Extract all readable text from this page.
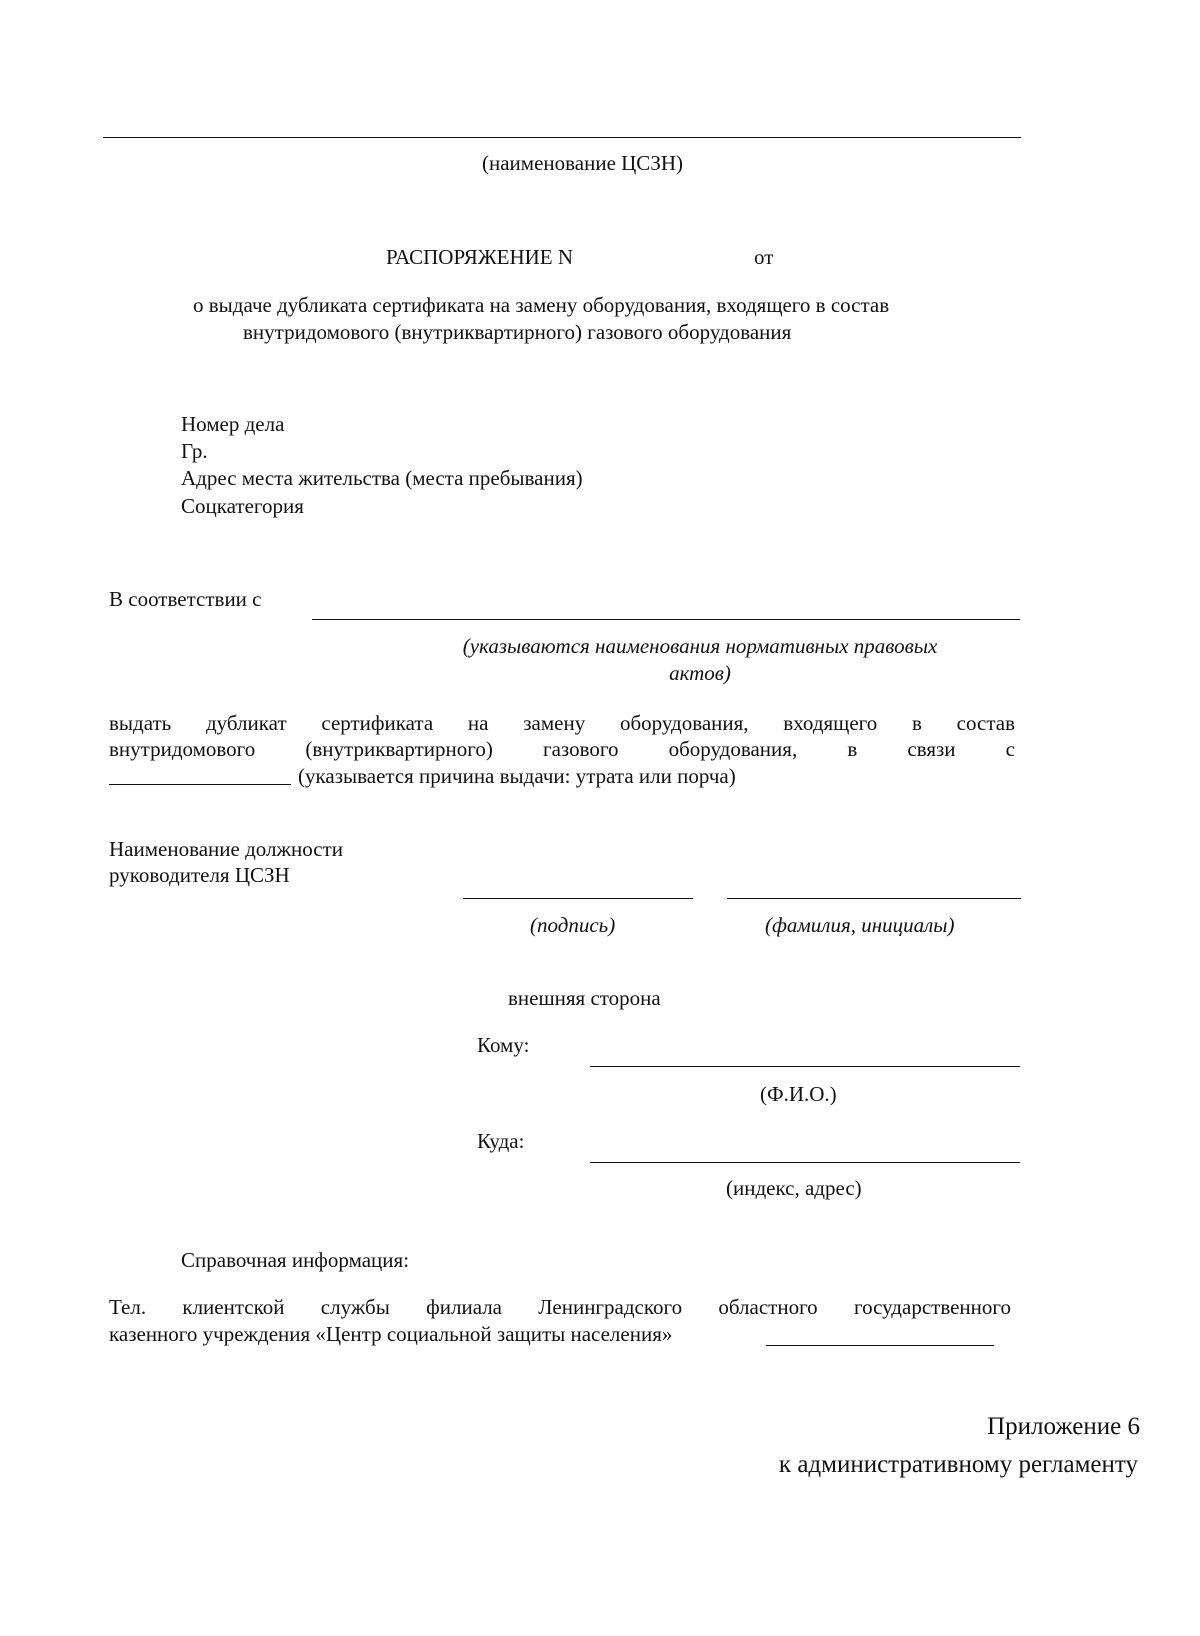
(наименование ЦСЗН)
РАСПОРЯЖЕНИЕ N	от
о выдаче дубликата сертификата на замену оборудования, входящего в состав
внутридомового (внутриквартирного) газового оборудования
Номер дела
Гр.
Адрес места жительства (места пребывания)
Соцкатегория
В соответствии с
(указываются наименования нормативных правовых
актов)
выдать дубликат сертификата на замену оборудования, входящего в состав
внутридомового (внутриквартирного) газового оборудования, в связи с
(указывается причина выдачи: утрата или порча)
Наименование должности
руководителя ЦСЗН
(подпись)	(фамилия, инициалы)
внешняя сторона
Кому:
(Ф.И.О.)
Куда:
(индекс, адрес)
Справочная информация:
Тел. клиентской службы филиала Ленинградского областного государственного
казенного учреждения «Центр социальной защиты населения»
Приложение 6
к административному регламенту
